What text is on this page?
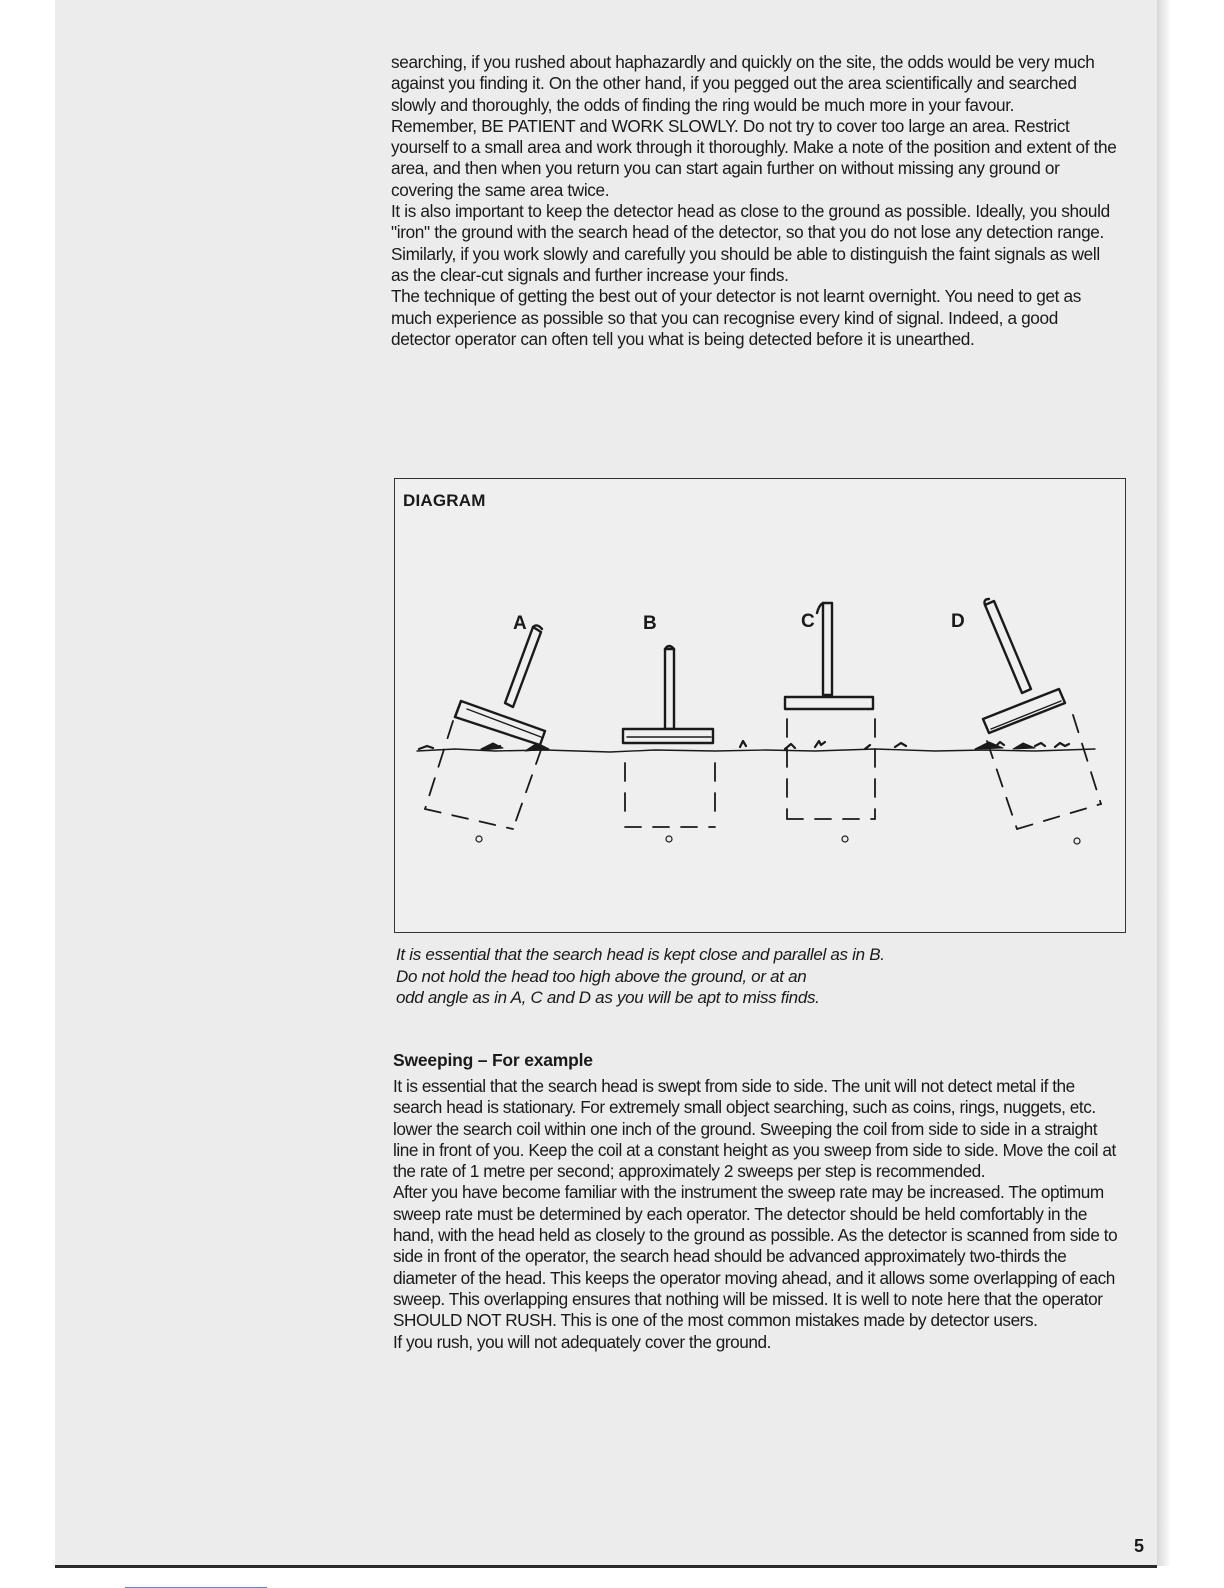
searching, if you rushed about haphazardly and quickly on the site, the odds would be very much against you finding it. On the other hand, if you pegged out the area scientifically and searched slowly and thoroughly, the odds of finding the ring would be much more in your favour.

Remember, BE PATIENT and WORK SLOWLY. Do not try to cover too large an area. Restrict yourself to a small area and work through it thoroughly. Make a note of the position and extent of the area, and then when you return you can start again further on without missing any ground or covering the same area twice.

It is also important to keep the detector head as close to the ground as possible. Ideally, you should "iron" the ground with the search head of the detector, so that you do not lose any detection range.

Similarly, if you work slowly and carefully you should be able to distinguish the faint signals as well as the clear-cut signals and further increase your finds.

The technique of getting the best out of your detector is not learnt overnight. You need to get as much experience as possible so that you can recognise every kind of signal. Indeed, a good detector operator can often tell you what is being detected before it is unearthed.

DIAGRAM
A	B	C	D
It is essential that the search head is kept close and parallel as in B.
Do not hold the head too high above the ground, or at an
odd angle as in A, C and D as you will be apt to miss finds.
Sweeping – For example

It is essential that the search head is swept from side to side. The unit will not detect metal if the search head is stationary. For extremely small object searching, such as coins, rings, nuggets, etc. lower the search coil within one inch of the ground. Sweeping the coil from side to side in a straight line in front of you. Keep the coil at a constant height as you sweep from side to side. Move the coil at the rate of 1 metre per second; approximately 2 sweeps per step is recommended.

After you have become familiar with the instrument the sweep rate may be increased. The optimum sweep rate must be determined by each operator. The detector should be held comfortably in the hand, with the head held as closely to the ground as possible. As the detector is scanned from side to side in front of the operator, the search head should be advanced approximately two-thirds the diameter of the head. This keeps the operator moving ahead, and it allows some overlapping of each sweep. This overlapping ensures that nothing will be missed. It is well to note here that the operator SHOULD NOT RUSH. This is one of the most common mistakes made by detector users.

If you rush, you will not adequately cover the ground.

5
